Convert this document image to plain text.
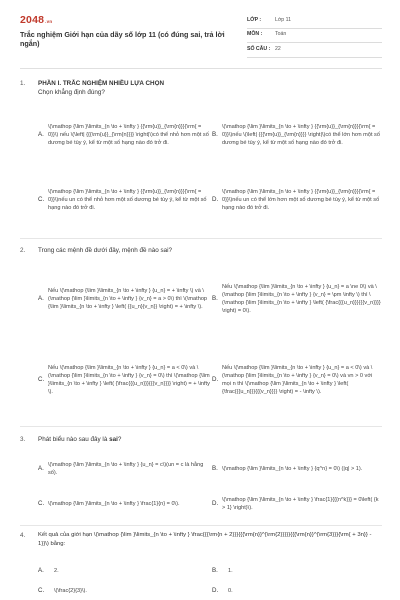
2048.vn
Trắc nghiệm Giới hạn của dãy số lớp 11 (có đúng sai, trả lời ngắn)
LỚP :	Lớp 11
MÔN :	Toán
SỐ CÂU : 22
1. PHẦN I. TRẮC NGHIỆM NHIỀU LỰA CHỌN
Chọn khẳng định đúng?
A.
\(\mathop {\lim }\limits_{n \to + \infty } {{\rm{u}}_{\rm{n}}}{\rm{ = 0}}\) nếu \(\left| {{{\rm{u}}_{\rm{n}}}} \right|\)có thể nhỏ hơn một số dương bé tùy ý, kể từ một số hạng nào đó trở đi.
B.
\(\mathop {\lim }\limits_{n \to + \infty } {{\rm{u}}_{\rm{n}}}{\rm{ = 0}}\)nếu \(\left| {{{\rm{u}}_{\rm{n}}}} \right|\)có thể lớn hơn một số dương bé tùy ý, kể từ một số hạng nào đó trở đi.
C.
\(\mathop {\lim }\limits_{n \to + \infty } {{\rm{u}}_{\rm{n}}}{\rm{ = 0}}\)nếu un có thể nhỏ hơn một số dương bé tùy ý, kể từ một số hạng nào đó trở đi.
D.
\(\mathop {\lim }\limits_{n \to + \infty } {{\rm{u}}_{\rm{n}}}{\rm{ = 0}}\)nếu un có thể lớn hơn một số dương bé tùy ý, kể từ một số hạng nào đó trở đi.
2. Trong các mệnh đề dưới đây, mệnh đề nào sai?
A.
Nếu \(\mathop {\lim }\limits_{n \to + \infty } {u_n} = + \infty \) và \(\mathop {\lim }\limits_{n \to + \infty } {v_n} = a > 0\) thì \(\mathop {\lim }\limits_{n \to + \infty } \left( {{u_n}{v_n}} \right) = + \infty \).
B.
Nếu \(\mathop {\lim }\limits_{n \to + \infty } {u_n} = a \ne 0\) và \(\mathop {\lim }\limits_{n \to + \infty } {v_n} = \pm \infty \) thì \(\mathop {\lim }\limits_{n \to + \infty } \left( {\frac{{{u_n}}}{{{v_n}}}} \right) = 0\).
C.
Nếu \(\mathop {\lim }\limits_{n \to + \infty } {u_n} = a < 0\) và \(\mathop {\lim }\limits_{n \to + \infty } {v_n} = 0\) thì \(\mathop {\lim }\limits_{n \to + \infty } \left( {\frac{{{u_n}}}{{{v_n}}}} \right) = + \infty \).
D.
Nếu \(\mathop {\lim }\limits_{n \to + \infty } {u_n} = a < 0\) và \(\mathop {\lim }\limits_{n \to + \infty } {v_n} = 0\) và vn > 0 với mọi n thì \(\mathop {\lim }\limits_{n \to + \infty } \left( {\frac{{{u_n}}}{{{v_n}}}} \right) = - \infty \).
3. Phát biểu nào sau đây là sai?
A.
\(\mathop {\lim }\limits_{n \to + \infty } {u_n} = c\)(un = c là hằng số).
B. \(\mathop {\lim }\limits_{n \to + \infty } {q^n} = 0\) (|q| > 1).
C. \(\mathop {\lim }\limits_{n \to + \infty } \frac{1}{n} = 0\).	D.
\(\mathop {\lim }\limits_{n \to + \infty } \frac{1}{{{n^k}}} = 0\left( {k > 1} \right)\).
4. Kết quả của giới hạn \(\mathop {\lim }\limits_{n \to + \infty } \frac{{{\rm{n + 2}}}{{{\rm{n}}^{\rm{2}}}}}{{{\rm{n}}^{\rm{3}}}{\rm{ + 3n}} - 1}}\) bằng:
A.	2.	B.	1.
C.	\(\frac{2}{3}\).	D.	0.
